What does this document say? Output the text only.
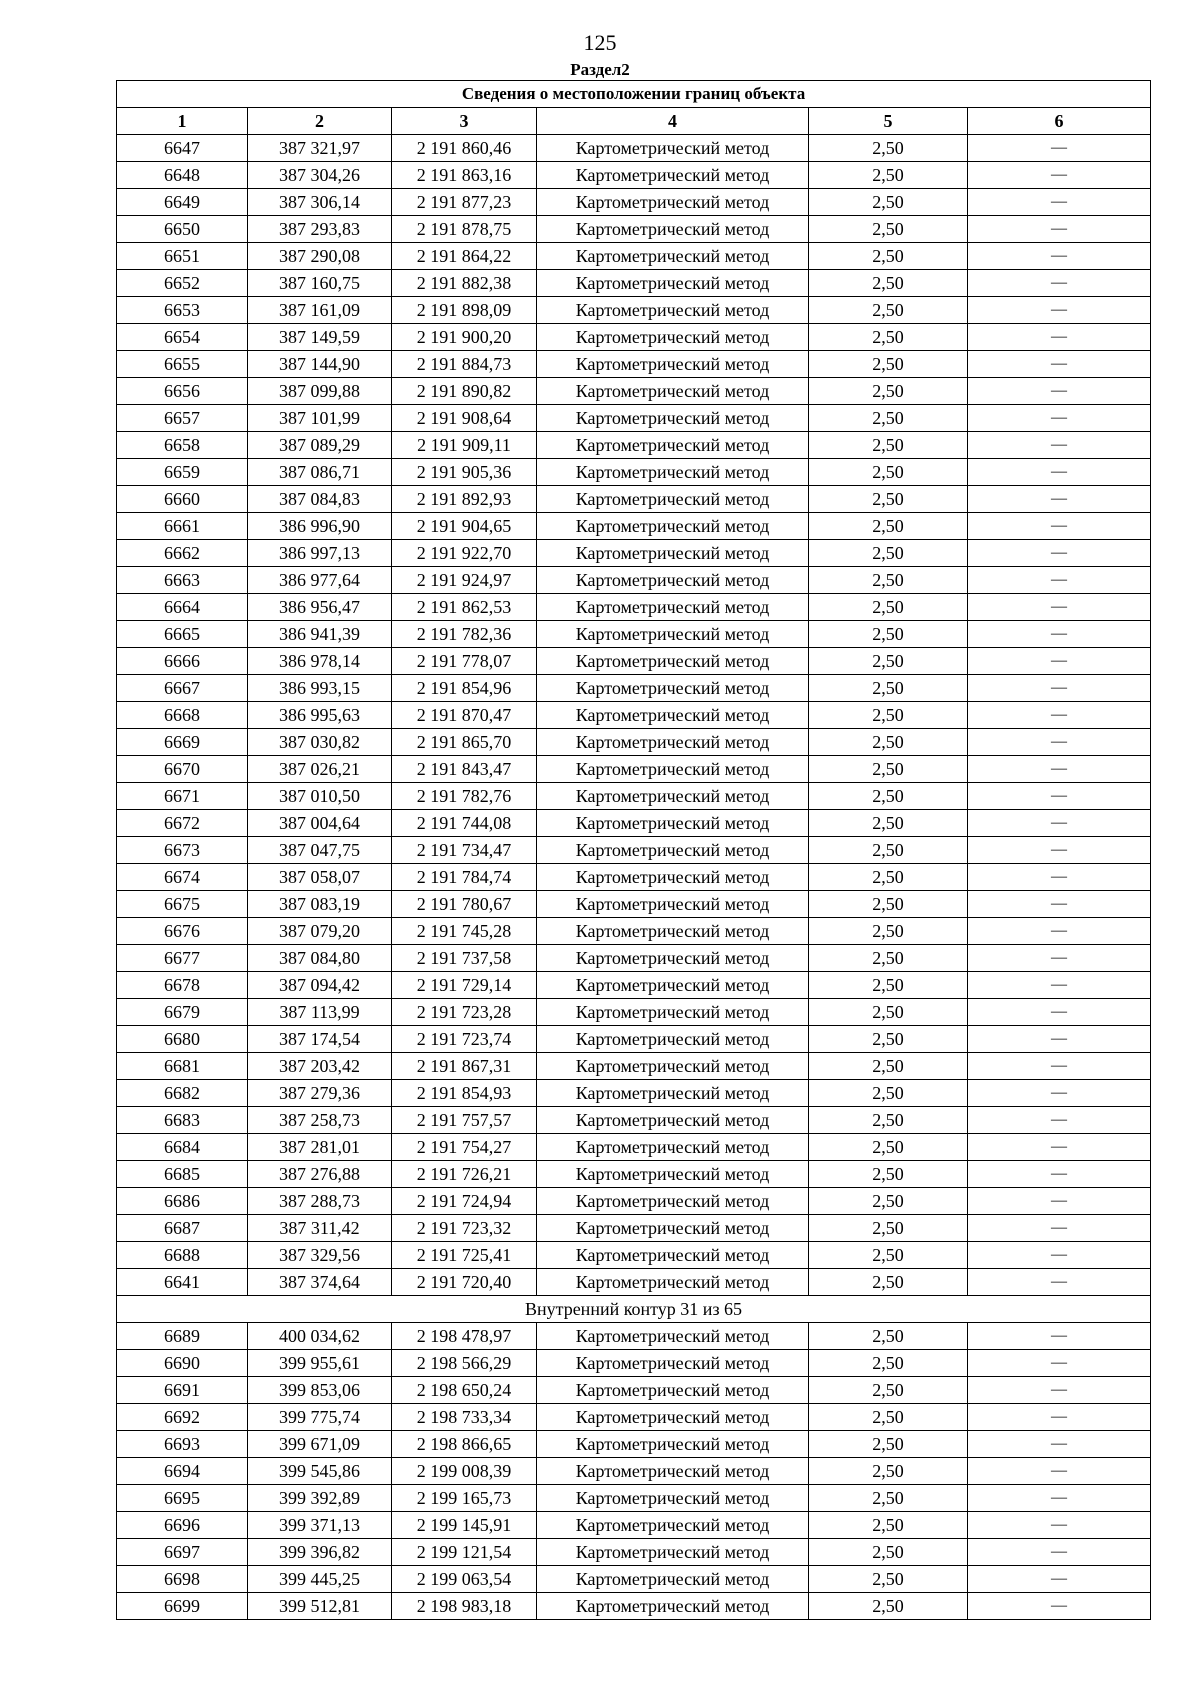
125
Раздел2
Сведения о местоположении границ объекта					
1	2	3	4	5	6
6647	387 321,97	2 191 860,46	Картометрический метод	2,50	—
6648	387 304,26	2 191 863,16	Картометрический метод	2,50	—
6649	387 306,14	2 191 877,23	Картометрический метод	2,50	—
6650	387 293,83	2 191 878,75	Картометрический метод	2,50	—
6651	387 290,08	2 191 864,22	Картометрический метод	2,50	—
6652	387 160,75	2 191 882,38	Картометрический метод	2,50	—
6653	387 161,09	2 191 898,09	Картометрический метод	2,50	—
6654	387 149,59	2 191 900,20	Картометрический метод	2,50	—
6655	387 144,90	2 191 884,73	Картометрический метод	2,50	—
6656	387 099,88	2 191 890,82	Картометрический метод	2,50	—
6657	387 101,99	2 191 908,64	Картометрический метод	2,50	—
6658	387 089,29	2 191 909,11	Картометрический метод	2,50	—
6659	387 086,71	2 191 905,36	Картометрический метод	2,50	—
6660	387 084,83	2 191 892,93	Картометрический метод	2,50	—
6661	386 996,90	2 191 904,65	Картометрический метод	2,50	—
6662	386 997,13	2 191 922,70	Картометрический метод	2,50	—
6663	386 977,64	2 191 924,97	Картометрический метод	2,50	—
6664	386 956,47	2 191 862,53	Картометрический метод	2,50	—
6665	386 941,39	2 191 782,36	Картометрический метод	2,50	—
6666	386 978,14	2 191 778,07	Картометрический метод	2,50	—
6667	386 993,15	2 191 854,96	Картометрический метод	2,50	—
6668	386 995,63	2 191 870,47	Картометрический метод	2,50	—
6669	387 030,82	2 191 865,70	Картометрический метод	2,50	—
6670	387 026,21	2 191 843,47	Картометрический метод	2,50	—
6671	387 010,50	2 191 782,76	Картометрический метод	2,50	—
6672	387 004,64	2 191 744,08	Картометрический метод	2,50	—
6673	387 047,75	2 191 734,47	Картометрический метод	2,50	—
6674	387 058,07	2 191 784,74	Картометрический метод	2,50	—
6675	387 083,19	2 191 780,67	Картометрический метод	2,50	—
6676	387 079,20	2 191 745,28	Картометрический метод	2,50	—
6677	387 084,80	2 191 737,58	Картометрический метод	2,50	—
6678	387 094,42	2 191 729,14	Картометрический метод	2,50	—
6679	387 113,99	2 191 723,28	Картометрический метод	2,50	—
6680	387 174,54	2 191 723,74	Картометрический метод	2,50	—
6681	387 203,42	2 191 867,31	Картометрический метод	2,50	—
6682	387 279,36	2 191 854,93	Картометрический метод	2,50	—
6683	387 258,73	2 191 757,57	Картометрический метод	2,50	—
6684	387 281,01	2 191 754,27	Картометрический метод	2,50	—
6685	387 276,88	2 191 726,21	Картометрический метод	2,50	—
6686	387 288,73	2 191 724,94	Картометрический метод	2,50	—
6687	387 311,42	2 191 723,32	Картометрический метод	2,50	—
6688	387 329,56	2 191 725,41	Картометрический метод	2,50	—
6641	387 374,64	2 191 720,40	Картометрический метод	2,50	—
Внутренний контур 31 из 65					
6689	400 034,62	2 198 478,97	Картометрический метод	2,50	—
6690	399 955,61	2 198 566,29	Картометрический метод	2,50	—
6691	399 853,06	2 198 650,24	Картометрический метод	2,50	—
6692	399 775,74	2 198 733,34	Картометрический метод	2,50	—
6693	399 671,09	2 198 866,65	Картометрический метод	2,50	—
6694	399 545,86	2 199 008,39	Картометрический метод	2,50	—
6695	399 392,89	2 199 165,73	Картометрический метод	2,50	—
6696	399 371,13	2 199 145,91	Картометрический метод	2,50	—
6697	399 396,82	2 199 121,54	Картометрический метод	2,50	—
6698	399 445,25	2 199 063,54	Картометрический метод	2,50	—
6699	399 512,81	2 198 983,18	Картометрический метод	2,50	—
